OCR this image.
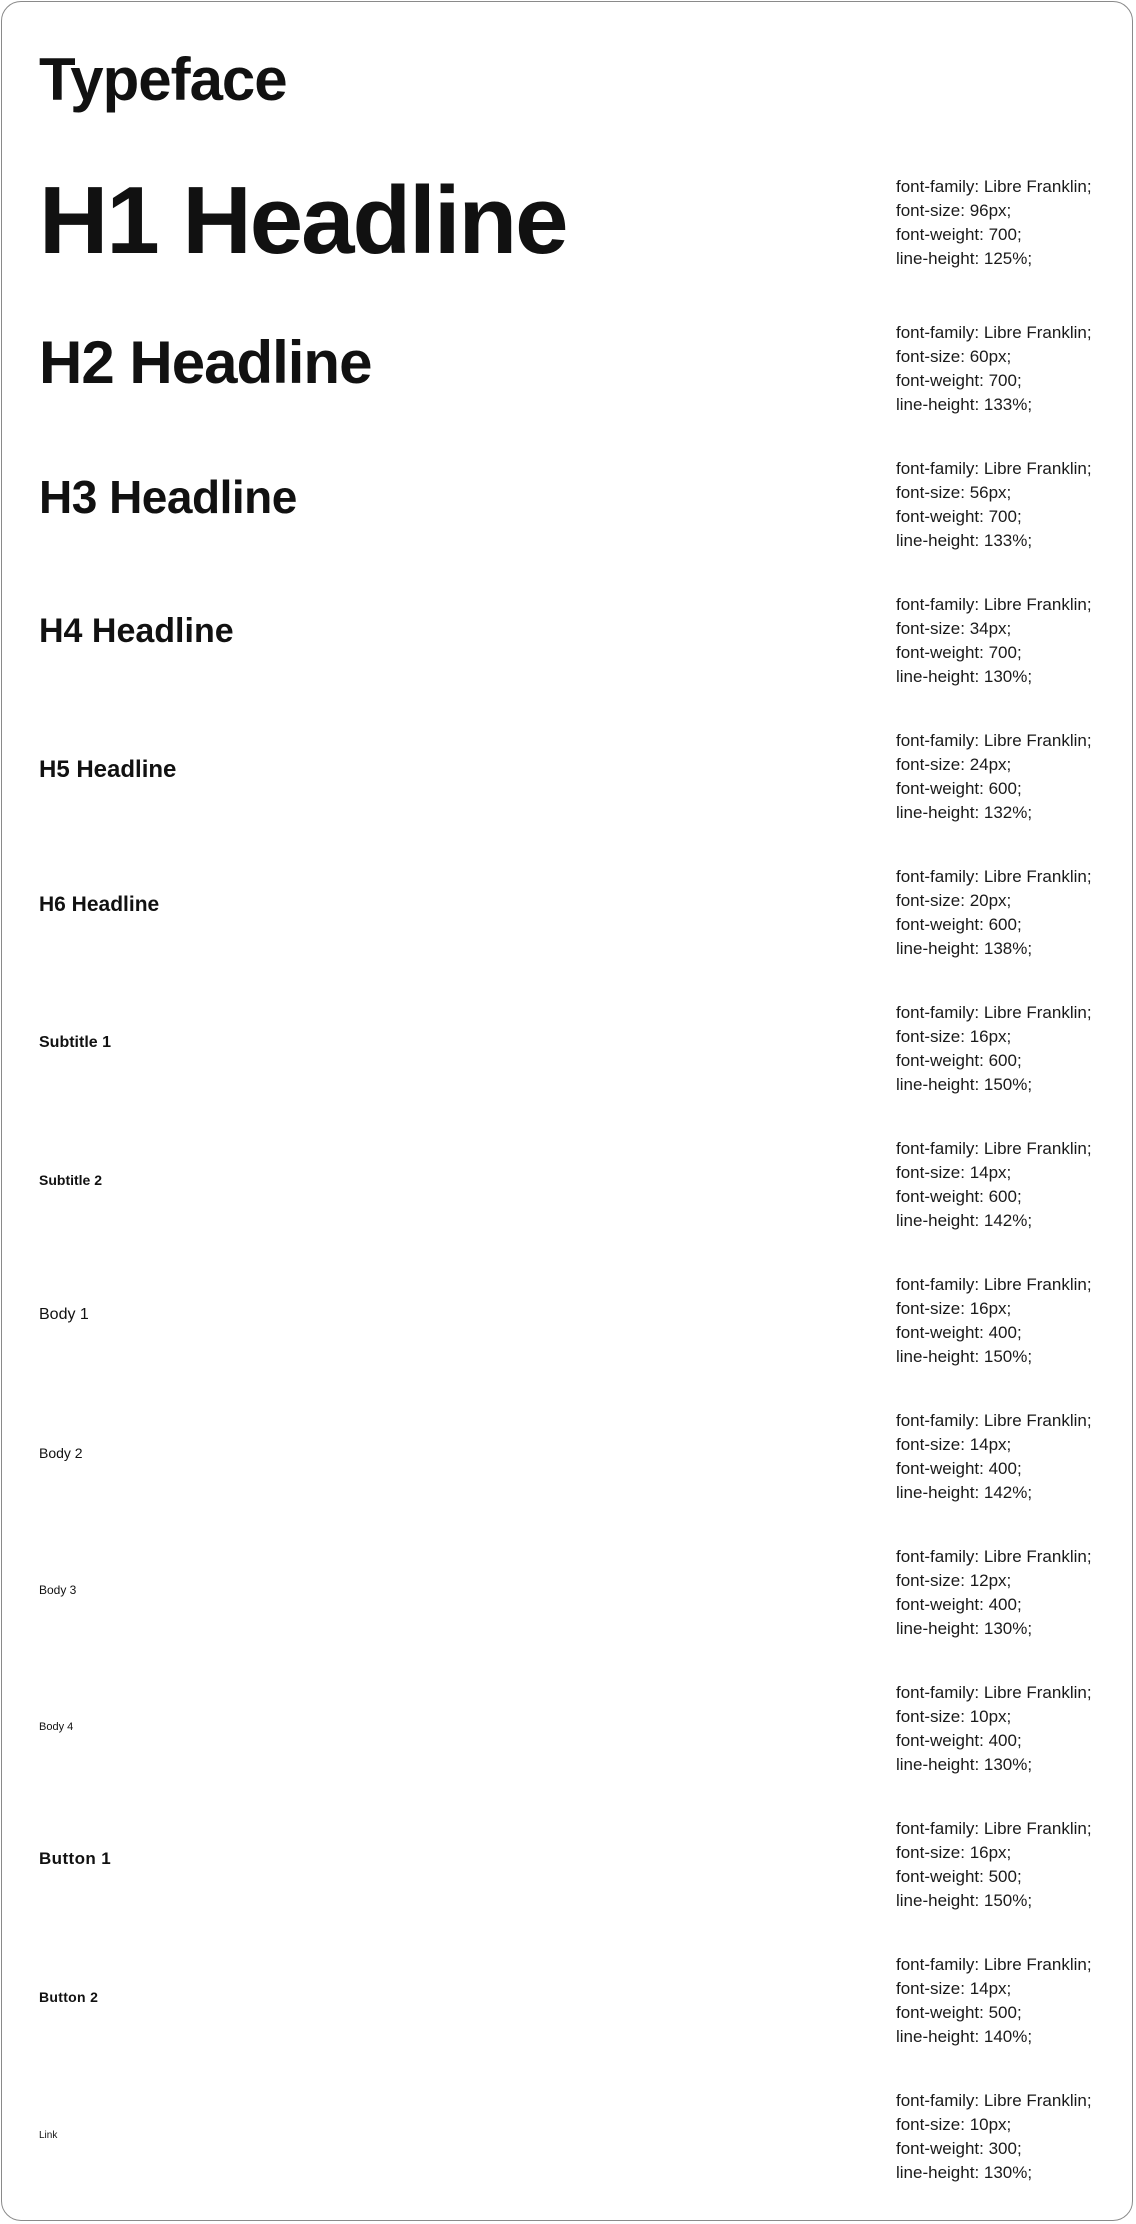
Typeface

H1 Headline	font-family: Libre Franklin;
font-size: 96px;
font-weight: 700;
line-height: 125%;

H2 Headline	font-family: Libre Franklin;
font-size: 60px;
font-weight: 700;
line-height: 133%;

H3 Headline

font-family: Libre Franklin;
font-size: 56px;
font-weight: 700;
line-height: 133%;

H4 Headline

font-family: Libre Franklin;
font-size: 34px;
font-weight: 700;
line-height: 130%;

H5 Headline

font-family: Libre Franklin;
font-size: 24px;
font-weight: 600;
line-height: 132%;

H6 Headline

font-family: Libre Franklin;
font-size: 20px;
font-weight: 600;
line-height: 138%;

Subtitle 1

font-family: Libre Franklin;
font-size: 16px;
font-weight: 600;
line-height: 150%;

Subtitle 2

font-family: Libre Franklin;
font-size: 14px;
font-weight: 600;
line-height: 142%;

Body 1

font-family: Libre Franklin;
font-size: 16px;
font-weight: 400;
line-height: 150%;

Body 2

font-family: Libre Franklin;
font-size: 14px;
font-weight: 400;
line-height: 142%;

Body 3

font-family: Libre Franklin;
font-size: 12px;
font-weight: 400;
line-height: 130%;

Body 4

font-family: Libre Franklin;
font-size: 10px;
font-weight: 400;
line-height: 130%;

Button 1

font-family: Libre Franklin;
font-size: 16px;
font-weight: 500;
line-height: 150%;

Button 2

font-family: Libre Franklin;
font-size: 14px;
font-weight: 500;
line-height: 140%;

Link

font-family: Libre Franklin;
font-size: 10px;
font-weight: 300;
line-height: 130%;
